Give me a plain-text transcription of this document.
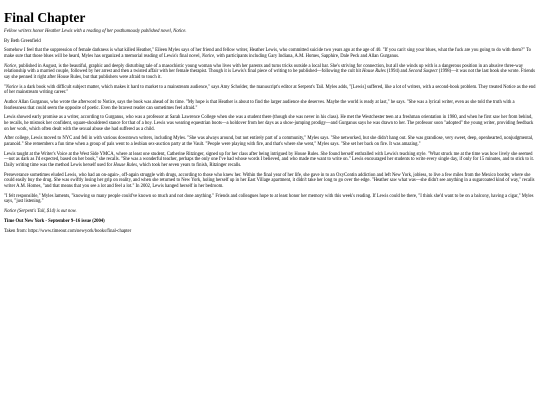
Final Chapter

Fellow writers honor Heather Lewis with a reading of her posthumously published novel, Notice.

By Beth Greenfield

Somehow I feel that the suppression of female darkness is what killed Heather," Eileen Myles says of her friend and fellow writer, Heather Lewis, who committed suicide two years ago at the age of 40. "If you can't sing your blues, what the fuck are you going to do with them?" To make sure that those blues will be heard, Myles has organized a memorial reading of Lewis's final novel, Notice, with participants including Gary Indiana, A.M. Homes, Sapphire, Dale Peck and Allan Gurganus.

Notice, published in August, is the beautiful, graphic and deeply disturbing tale of a masochistic young woman who lives with her parents and turns tricks outside a local bar. She's striving for connection, but all she winds up with is a dangerous position in an abusive three-way relationship with a married couple, followed by her arrest and then a twisted affair with her female therapist. Though it is Lewis's final piece of writing to be published—following the cult hit House Rules (1994) and Second Suspect (1998)—it was not the last book she wrote. Friends say she penned it right after House Rules, but that publishers were afraid to touch it.

"Notice is a dark book with difficult subject matter, which makes it hard to market to a mainstream audience," says Amy Scholder, the manuscript's editor at Serpent's Tail. Myles adds, "[Lewis] suffered, like a lot of writers, with a second-book problem. They treated Notice as the end of her mainstream writing career."

Author Allan Gurganus, who wrote the afterword to Notice, says the book was ahead of its time. "My hope is that Heather is about to find the larger audience she deserves. Maybe the world is ready at last," he says. "She was a lyrical writer, even as she told the truth with a fearlessness that could seem the opposite of poetic. Even the bravest reader can sometimes feel afraid."

Lewis showed early promise as a writer, according to Gurganus, who was a professor at Sarah Lawrence College when she was a student there (though she was never in his class). He met the Westchester teen at a freshman orientation in 1980, and when he first saw her from behind, he recalls, he mistook her confident, square-shouldered stance for that of a boy. Lewis was wearing equestrian boots—a holdover from her days as a show-jumping prodigy—and Gurganus says he was drawn to her. The professor soon "adopted" the young writer, providing feedback on her work, which often dealt with the sexual abuse she had suffered as a child.

After college, Lewis moved to NYC and fell in with various downtown writers, including Myles. "She was always around, but not entirely part of a community," Myles says. "She networked, but she didn't hang out. She was grandiose, very sweet, deep, openhearted, nonjudgmental, paranoid." She remembers a fun time when a group of pals went to a lesbian sex-auction party at the Vault. "People were playing with fire, and that's where she went," Myles says. "She set her back on fire. It was amazing."

Lewis taught at the Writer's Voice at the West Side YMCA, where at least one student, Catherine Ritzinger, signed up for her class after being intrigued by House Rules. She found herself enthralled with Lewis's teaching style. "What struck me at the time was how lively she seemed—not as dark as I'd expected, based on her book," she recalls. "She was a wonderful teacher, perhaps the only one I've had whose words I believed, and who made me want to write on." Lewis encouraged her students to write every single day, if only for 15 minutes, and to stick to it. Daily writing time was the method Lewis herself used for House Rules, which took her seven years to finish, Ritzinger recalls.

Perseverance sometimes eluded Lewis, who had an on-again-, off-again struggle with drugs, according to those who knew her. Within the final year of her life, she gave in to an OxyContin addiction and left New York, jobless, to live a few miles from the Mexico border, where she could easily buy the drug. She was swiftly losing her grip on reality, and when she returned to New York, holing herself up in her East Village apartment, it didn't take her long to go over the edge. "Heather saw what was—she didn't see anything in a sugarcoated kind of way," recalls writer A.M. Homes, "and that means that you see a lot and feel a lot." In 2002, Lewis hanged herself in her bedroom.

"I felt responsible," Myles laments, "knowing so many people could've known so much and not done anything." Friends and colleagues hope to at least honor her memory with this week's reading. If Lewis could be there, "I think she'd want to be on a balcony, having a cigar," Myles says, "just listening."

Notice (Serpent's Tail, $14) is out now.

Time Out New York - September 9–16 issue (2004)

Taken from: https://www.timeout.com/newyork/books/final-chapter
